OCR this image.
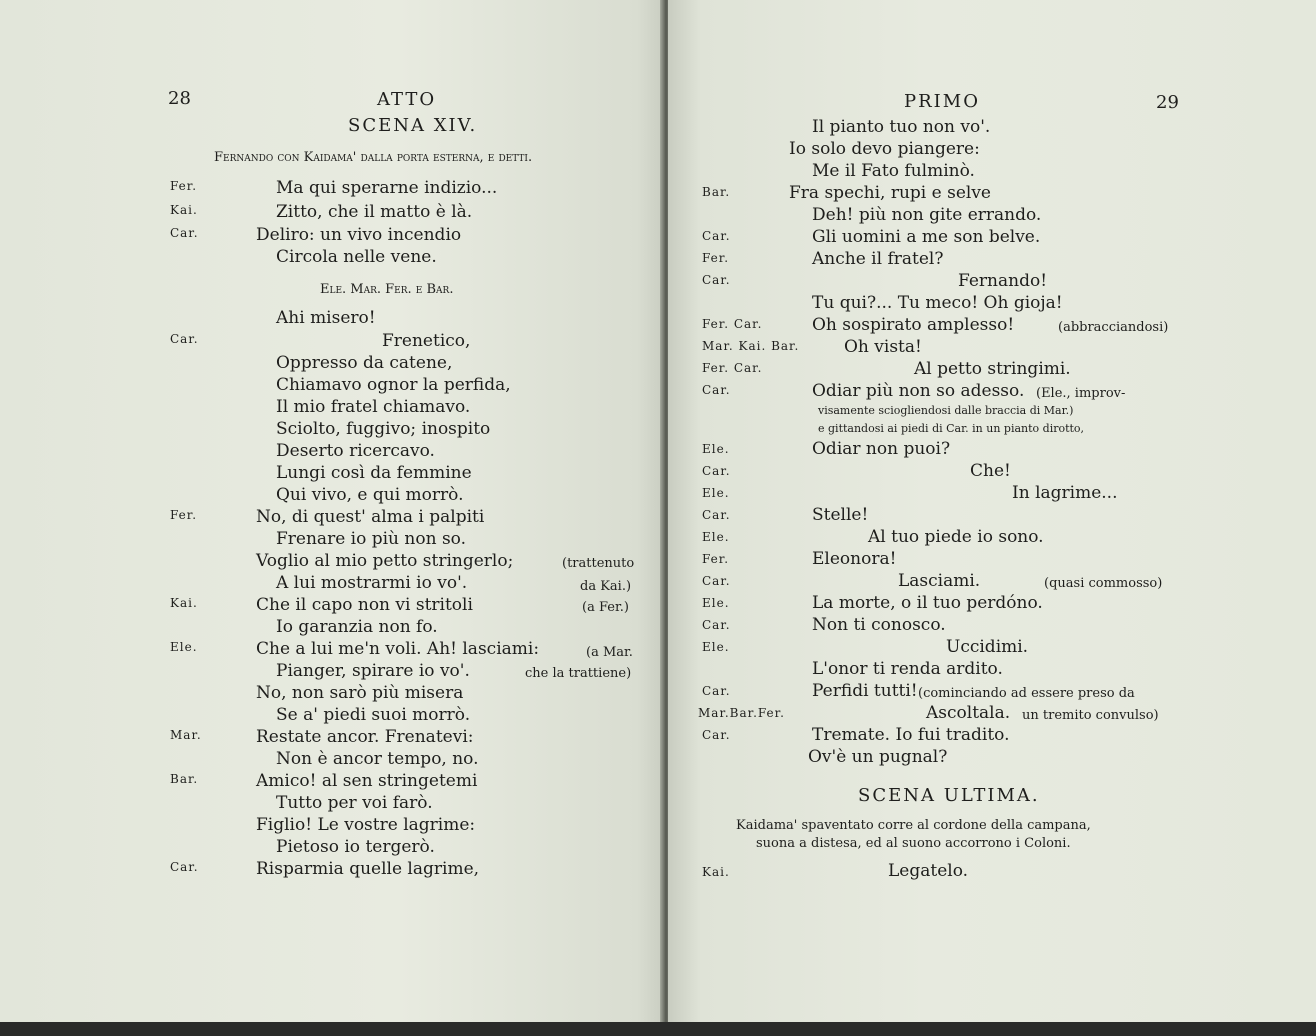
28	ATTO
SCENA XIV.
Fernando con Kaidama' dalla porta esterna, e detti.
Fer.	Ma qui sperarne indizio...
Kai.	Zitto, che il matto è là.
Car.	Deliro: un vivo incendio
Circola nelle vene.
Ele. Mar. Fer. e Bar.
Ahi misero!
Car.	Frenetico,
Oppresso da catene,
Chiamavo ognor la perfida,
Il mio fratel chiamavo.
Sciolto, fuggivo; inospito
Deserto ricercavo.
Lungi così da femmine
Qui vivo, e qui morrò.
Fer.	No, di quest' alma i palpiti
Frenare io più non so.
Voglio al mio petto stringerlo;	(trattenuto
A lui mostrarmi io vo'.	da Kai.)
Kai.	Che il capo non vi stritoli	(a Fer.)
Io garanzia non fo.
Ele.	Che a lui me'n voli. Ah! lasciami:	(a Mar.
Pianger, spirare io vo'.	che la trattiene)
No, non sarò più misera
Se a' piedi suoi morrò.
Mar.	Restate ancor. Frenatevi:
Non è ancor tempo, no.
Bar.	Amico! al sen stringetemi
Tutto per voi farò.
Figlio! Le vostre lagrime:
Pietoso io tergerò.
Car.	Risparmia quelle lagrime,
PRIMO	29
Il pianto tuo non vo'.
Io solo devo piangere:
Me il Fato fulminò.
Bar.	Fra spechi, rupi e selve
Deh! più non gite errando.
Car.	Gli uomini a me son belve.
Fer.	Anche il fratel?
Car.	Fernando!
Tu qui?... Tu meco! Oh gioja!
Fer. Car.	Oh sospirato amplesso!	(abbracciandosi)
Mar. Kai. Bar.	Oh vista!
Fer. Car.	Al petto stringimi.
Car.	Odiar più non so adesso. (Ele., improv-
visamente sciogliendosi dalle braccia di Mar.)
e gittandosi ai piedi di Car. in un pianto dirotto,
Ele.	Odiar non puoi?
Car.	Che!
Ele.	In lagrime...
Car.	Stelle!
Ele.	Al tuo piede io sono.
Fer.	Eleonora!
Car.	Lasciami.	(quasi commosso)
Ele.	La morte, o il tuo perdóno.
Car.	Non ti conosco.
Ele.	Uccidimi.
L'onor ti renda ardito.
Car.	Perfidi tutti! (cominciando ad essere preso da
Mar.Bar.Fer.	Ascoltala. un tremito convulso)
Car.	Tremate. Io fui tradito.
Ov'è un pugnal?
SCENA ULTIMA.
Kaidama' spaventato corre al cordone della campana,
suona a distesa, ed al suono accorrono i Coloni.
Kai.	Legatelo.
